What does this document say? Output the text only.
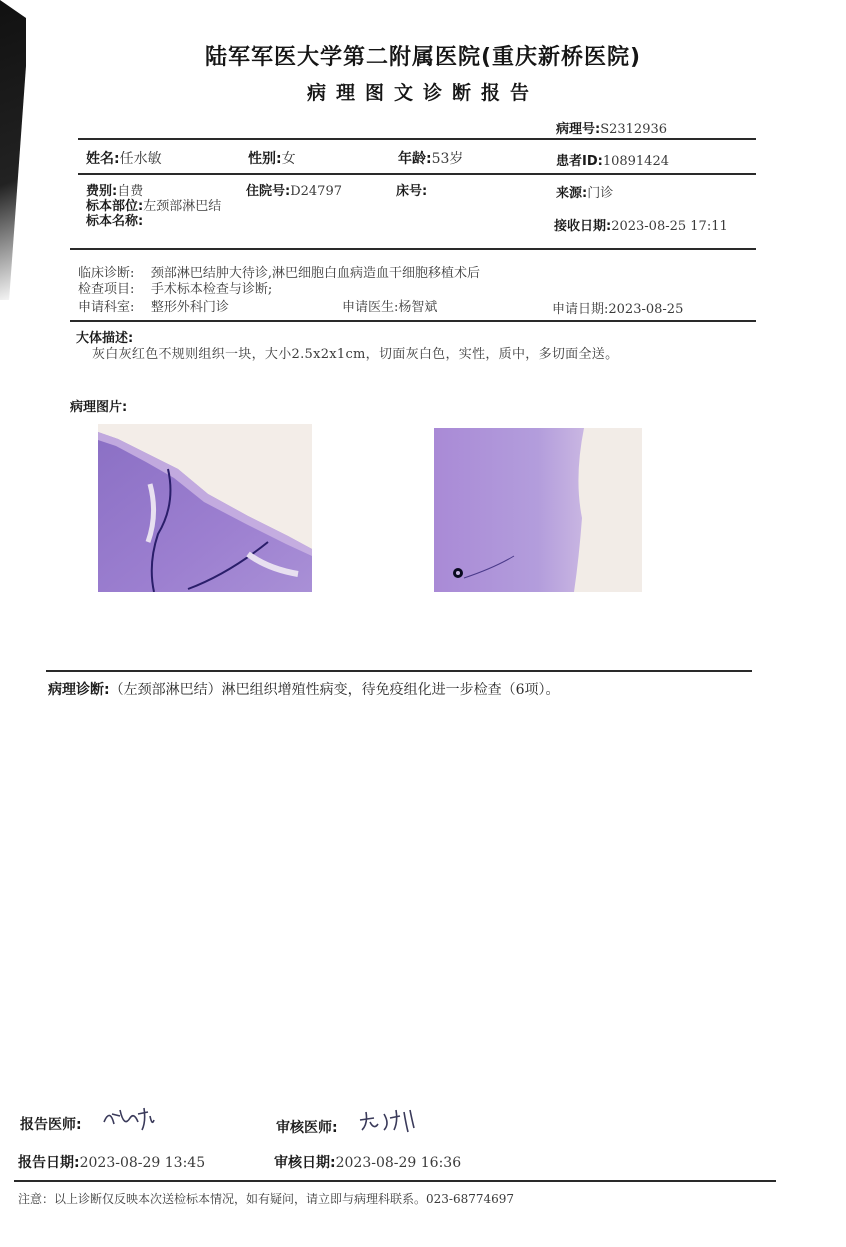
陆军军医大学第二附属医院(重庆新桥医院)
病理图文诊断报告
病理号:S2312936
姓名:任水敏	性别:女	年龄:53岁	患者ID:10891424
费别:自费	住院号:D24797	床号:	来源:门诊
标本部位:左颈部淋巴结
标本名称:	接收日期:2023-08-25 17:11
临床诊断: 颈部淋巴结肿大待诊,淋巴细胞白血病造血干细胞移植术后
检查项目: 手术标本检查与诊断;
申请科室: 整形外科门诊	申请医生:杨智斌	申请日期:2023-08-25
大体描述:
灰白灰红色不规则组织一块，大小2.5x2x1cm，切面灰白色，实性，质中，多切面全送。
病理图片:
病理诊断:（左颈部淋巴结）淋巴组织增殖性病变，待免疫组化进一步检查（6项）。
报告医师:	审核医师:
报告日期:2023-08-29 13:45	审核日期:2023-08-29 16:36
注意：以上诊断仅反映本次送检标本情况，如有疑问，请立即与病理科联系。023-68774697
